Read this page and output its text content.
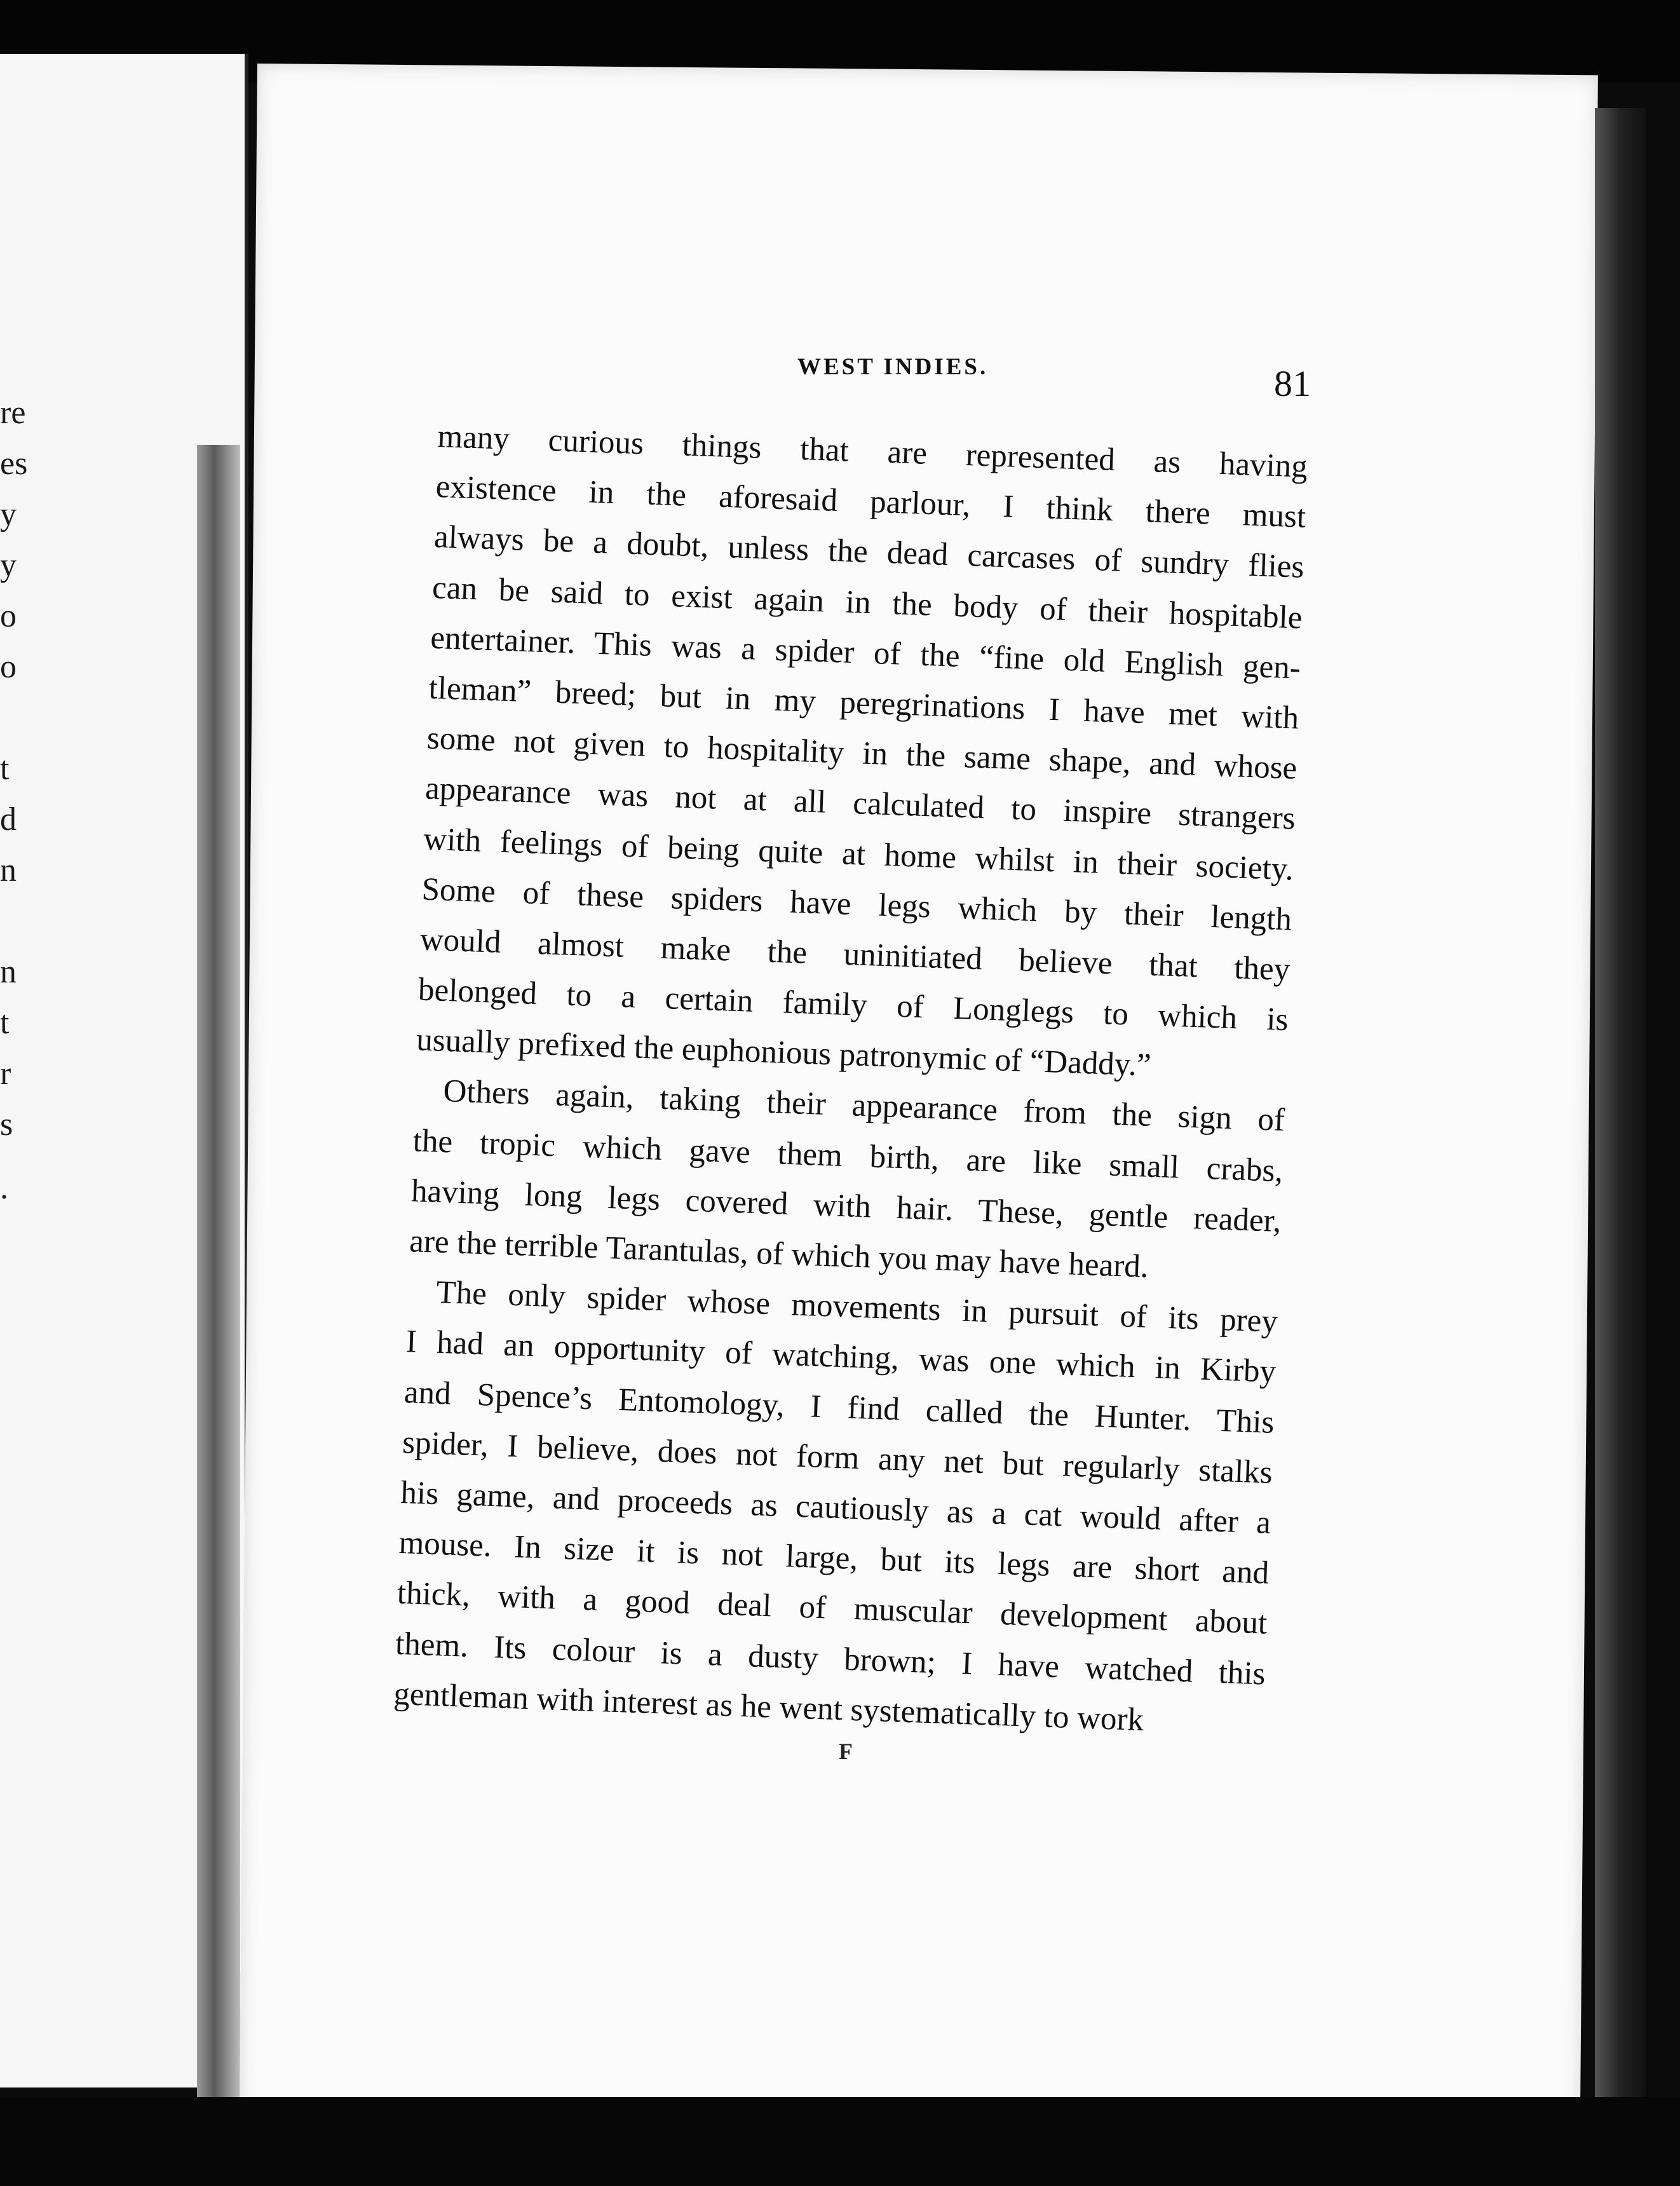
re
es
y
y
o
o
t
d
n
n
t
r
s
.
WEST INDIES.	81
many curious things that are represented as having
existence in the aforesaid parlour, I think there must
always be a doubt, unless the dead carcases of sundry flies
can be said to exist again in the body of their hospitable
entertainer. This was a spider of the “fine old English gen-
tleman” breed; but in my peregrinations I have met with
some not given to hospitality in the same shape, and whose
appearance was not at all calculated to inspire strangers
with feelings of being quite at home whilst in their society.
Some of these spiders have legs which by their length
would almost make the uninitiated believe that they
belonged to a certain family of Longlegs to which is
usually prefixed the euphonious patronymic of “Daddy.”
Others again, taking their appearance from the sign of
the tropic which gave them birth, are like small crabs,
having long legs covered with hair. These, gentle reader,
are the terrible Tarantulas, of which you may have heard.
The only spider whose movements in pursuit of its prey
I had an opportunity of watching, was one which in Kirby
and Spence’s Entomology, I find called the Hunter. This
spider, I believe, does not form any net but regularly stalks
his game, and proceeds as cautiously as a cat would after a
mouse. In size it is not large, but its legs are short and
thick, with a good deal of muscular development about
them. Its colour is a dusty brown; I have watched this
gentleman with interest as he went systematically to work
F
